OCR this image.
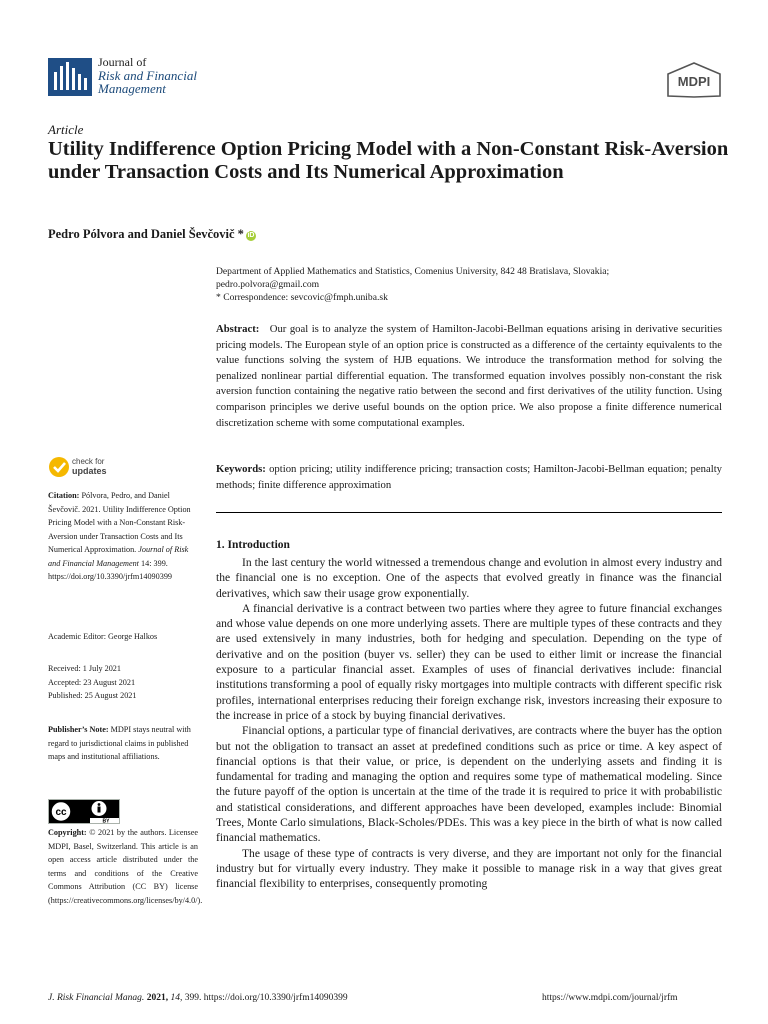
Journal of
Risk and Financial
Management	MDPI
Article
Utility Indifference Option Pricing Model with a Non-Constant Risk-Aversion under Transaction Costs and Its Numerical Approximation
Pedro Pólvora and Daniel Ševčovič * iD
Department of Applied Mathematics and Statistics, Comenius University, 842 48 Bratislava, Slovakia;
pedro.polvora@gmail.com
* Correspondence: sevcovic@fmph.uniba.sk
Abstract: Our goal is to analyze the system of Hamilton-Jacobi-Bellman equations arising in derivative securities pricing models. The European style of an option price is constructed as a difference of the certainty equivalents to the value functions solving the system of HJB equations. We introduce the transformation method for solving the penalized nonlinear partial differential equation. The transformed equation involves possibly non-constant the risk aversion function containing the negative ratio between the second and first derivatives of the utility function. Using comparison principles we derive useful bounds on the option price. We also propose a finite difference numerical discretization scheme with some computational examples.
Keywords: option pricing; utility indifference pricing; transaction costs; Hamilton-Jacobi-Bellman equation; penalty methods; finite difference approximation
1. Introduction

In the last century the world witnessed a tremendous change and evolution in almost every industry and the financial one is no exception. One of the aspects that evolved greatly in finance was the financial derivatives, which saw their usage grow exponentially.

A financial derivative is a contract between two parties where they agree to future financial exchanges and whose value depends on one more underlying assets. There are multiple types of these contracts and they are used extensively in many industries, both for hedging and speculation. Depending on the type of derivative and on the position (buyer vs. seller) they can be used to either limit or increase the financial exposure to a particular financial asset. Examples of uses of financial derivatives include: financial institutions transforming a pool of equally risky mortgages into multiple contracts with different specific risk profiles, international enterprises reducing their foreign exchange risk, investors increasing their exposure to the increase in price of a stock by buying financial derivatives.

Financial options, a particular type of financial derivatives, are contracts where the buyer has the option but not the obligation to transact an asset at predefined conditions such as price or time. A key aspect of financial options is that their value, or price, is dependent on the underlying assets and finding it is fundamental for trading and managing the option and requires some type of mathematical modeling. Since the future payoff of the option is uncertain at the time of the trade it is required to price it with probabilistic and statistical considerations, and different approaches have been developed, examples include: Binomial Trees, Monte Carlo simulations, Black-Scholes/PDEs. This was a key piece in the birth of what is now called financial mathematics.

The usage of these type of contracts is very diverse, and they are important not only for the financial industry but for virtually every industry. They make it possible to manage risk in a way that gives great financial flexibility to enterprises, consequently promoting

check for
updates
Citation: Pólvora, Pedro, and Daniel Ševčovič. 2021. Utility Indifference Option Pricing Model with a Non-Constant Risk-Aversion under Transaction Costs and Its Numerical Approximation. Journal of Risk and Financial Management 14: 399. https://doi.org/10.3390/jrfm14090399
Academic Editor: George Halkos
Received: 1 July 2021
Accepted: 23 August 2021
Published: 25 August 2021
Publisher’s Note: MDPI stays neutral with regard to jurisdictional claims in published maps and institutional affiliations.
cc
BY
Copyright: © 2021 by the authors. Licensee MDPI, Basel, Switzerland. This article is an open access article distributed under the terms and conditions of the Creative Commons Attribution (CC BY) license (https://creativecommons.org/licenses/by/4.0/).
J. Risk Financial Manag. 2021, 14, 399. https://doi.org/10.3390/jrfm14090399	https://www.mdpi.com/journal/jrfm
